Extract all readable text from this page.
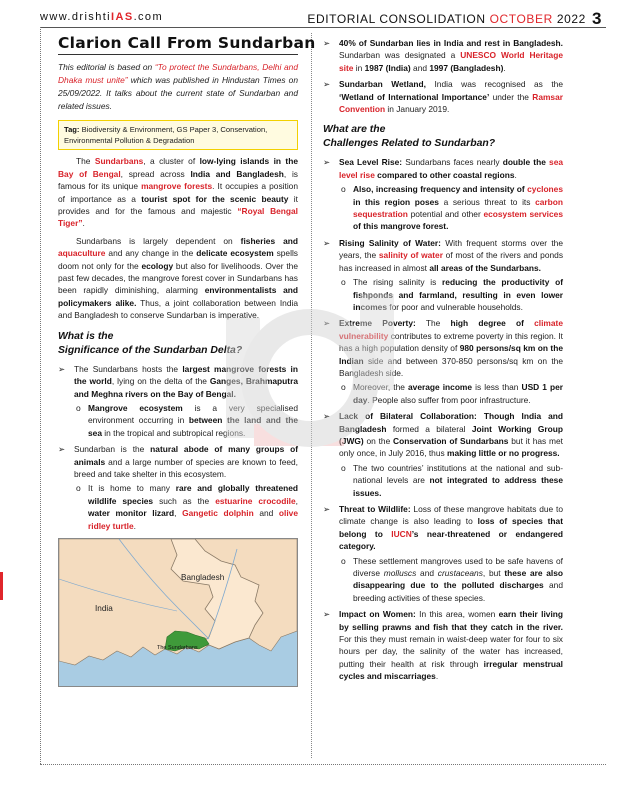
www.drishtiIAS.com	EDITORIAL CONSOLIDATION OCTOBER 2022 3
Clarion Call From Sundarban
This editorial is based on “To protect the Sundarbans, Delhi and Dhaka must unite” which was published in Hindustan Times on 25/09/2022. It talks about the current state of Sundarban and related issues.
Tag: Biodiversity & Environment, GS Paper 3, Conservation, Environmental Pollution & Degradation

The Sundarbans, a cluster of low-lying islands in the Bay of Bengal, spread across India and Bangladesh, is famous for its unique mangrove forests. It occupies a position of importance as a tourist spot for the scenic beauty it provides and for the famous and majestic “Royal Bengal Tiger”.

Sundarbans is largely dependent on fisheries and aquaculture and any change in the delicate ecosystem spells doom not only for the ecology but also for livelihoods. Over the past few decades, the mangrove forest cover in Sundarbans has been rapidly diminishing, alarming environmentalists and policymakers alike. Thus, a joint collaboration between India and Bangladesh to conserve Sundarban is imperative.

What is the
Significance of the Sundarban Delta?
➢ The Sundarbans hosts the largest mangrove forests in the world, lying on the delta of the Ganges, Brahmaputra and Meghna rivers on the Bay of Bengal.
o Mangrove ecosystem is a very specialised environment occurring in between the land and the sea in the tropical and subtropical regions.
➢ Sundarban is the natural abode of many groups of animals and a large number of species are known to feed, breed and take shelter in this ecosystem.
o It is home to many rare and globally threatened wildlife species such as the estuarine crocodile, water monitor lizard, Gangetic dolphin and olive ridley turtle.
Bangladesh
India
The Sundarbans
➢ 40% of Sundarban lies in India and rest in Bangladesh. Sundarban was designated a UNESCO World Heritage site in 1987 (India) and 1997 (Bangladesh).
➢ Sundarban Wetland, India was recognised as the ‘Wetland of International Importance’ under the Ramsar Convention in January 2019.
What are the
Challenges Related to Sundarban?
➢ Sea Level Rise: Sundarbans faces nearly double the sea level rise compared to other coastal regions.
o Also, increasing frequency and intensity of cyclones in this region poses a serious threat to its carbon sequestration potential and other ecosystem services of this mangrove forest.
➢ Rising Salinity of Water: With frequent storms over the years, the salinity of water of most of the rivers and ponds has increased in almost all areas of the Sundarbans.
o The rising salinity is reducing the productivity of fishponds and farmland, resulting in even lower incomes for poor and vulnerable households.
➢ Extreme Poverty: The high degree of climate vulnerability contributes to extreme poverty in this region. It has a high population density of 980 persons/sq km on the Indian side and between 370-850 persons/sq km on the Bangladesh side.
o Moreover, the average income is less than USD 1 per day. People also suffer from poor infrastructure.
➢ Lack of Bilateral Collaboration: Though India and Bangladesh formed a bilateral Joint Working Group (JWG) on the Conservation of Sundarbans but it has met only once, in July 2016, thus making little or no progress.
o The two countries’ institutions at the national and sub-national levels are not integrated to address these issues.
➢ Threat to Wildlife: Loss of these mangrove habitats due to climate change is also leading to loss of species that belong to IUCN’s near-threatened or endangered category.
o These settlement mangroves used to be safe havens of diverse molluscs and crustaceans, but these are also disappearing due to the polluted discharges and breeding activities of these species.
➢ Impact on Women: In this area, women earn their living by selling prawns and fish that they catch in the river. For this they must remain in waist-deep water for four to six hours per day, the salinity of the water has increased, putting their health at risk through irregular menstrual cycles and miscarriages.
